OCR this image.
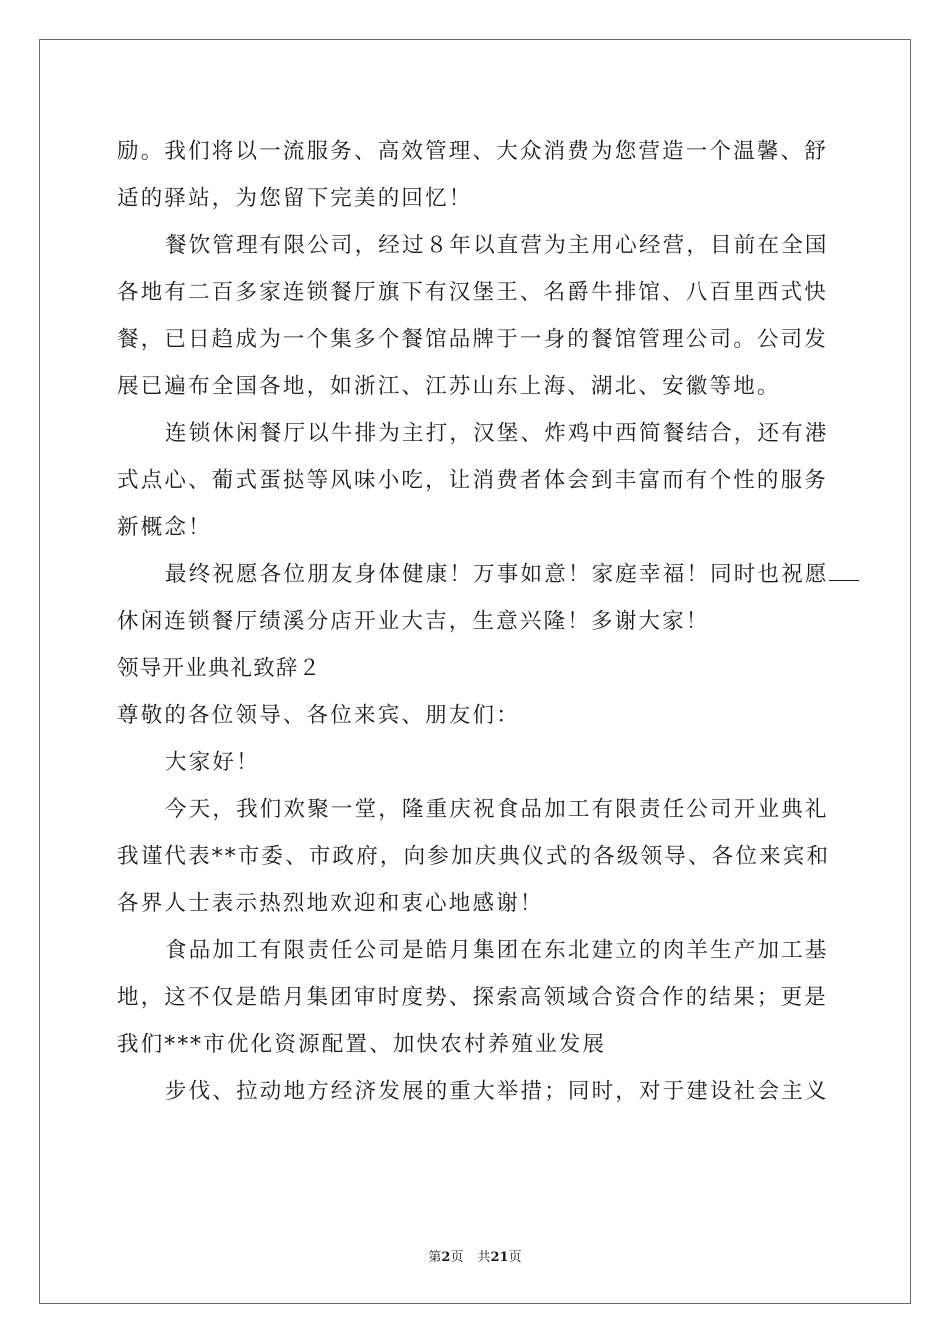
励。我们将以一流服务、高效管理、大众消费为您营造一个温馨、舒
适的驿站，为您留下完美的回忆！
餐饮管理有限公司，经过８年以直营为主用心经营，目前在全国
各地有二百多家连锁餐厅旗下有汉堡王、名爵牛排馆、八百里西式快
餐，已日趋成为一个集多个餐馆品牌于一身的餐馆管理公司。公司发
展已遍布全国各地，如浙江、江苏山东上海、湖北、安徽等地。
连锁休闲餐厅以牛排为主打，汉堡、炸鸡中西简餐结合，还有港
式点心、葡式蛋挞等风味小吃，让消费者体会到丰富而有个性的服务
新概念！
最终祝愿各位朋友身体健康！万事如意！家庭幸福！同时也祝愿
休闲连锁餐厅绩溪分店开业大吉，生意兴隆！多谢大家！
领导开业典礼致辞２
尊敬的各位领导、各位来宾、朋友们：
大家好！
今天，我们欢聚一堂，隆重庆祝食品加工有限责任公司开业典礼
我谨代表**市委、市政府，向参加庆典仪式的各级领导、各位来宾和
各界人士表示热烈地欢迎和衷心地感谢！
食品加工有限责任公司是皓月集团在东北建立的肉羊生产加工基
地，这不仅是皓月集团审时度势、探索高领域合资合作的结果；更是
我们***市优化资源配置、加快农村养殖业发展
步伐、拉动地方经济发展的重大举措；同时，对于建设社会主义
第2页 共21页
